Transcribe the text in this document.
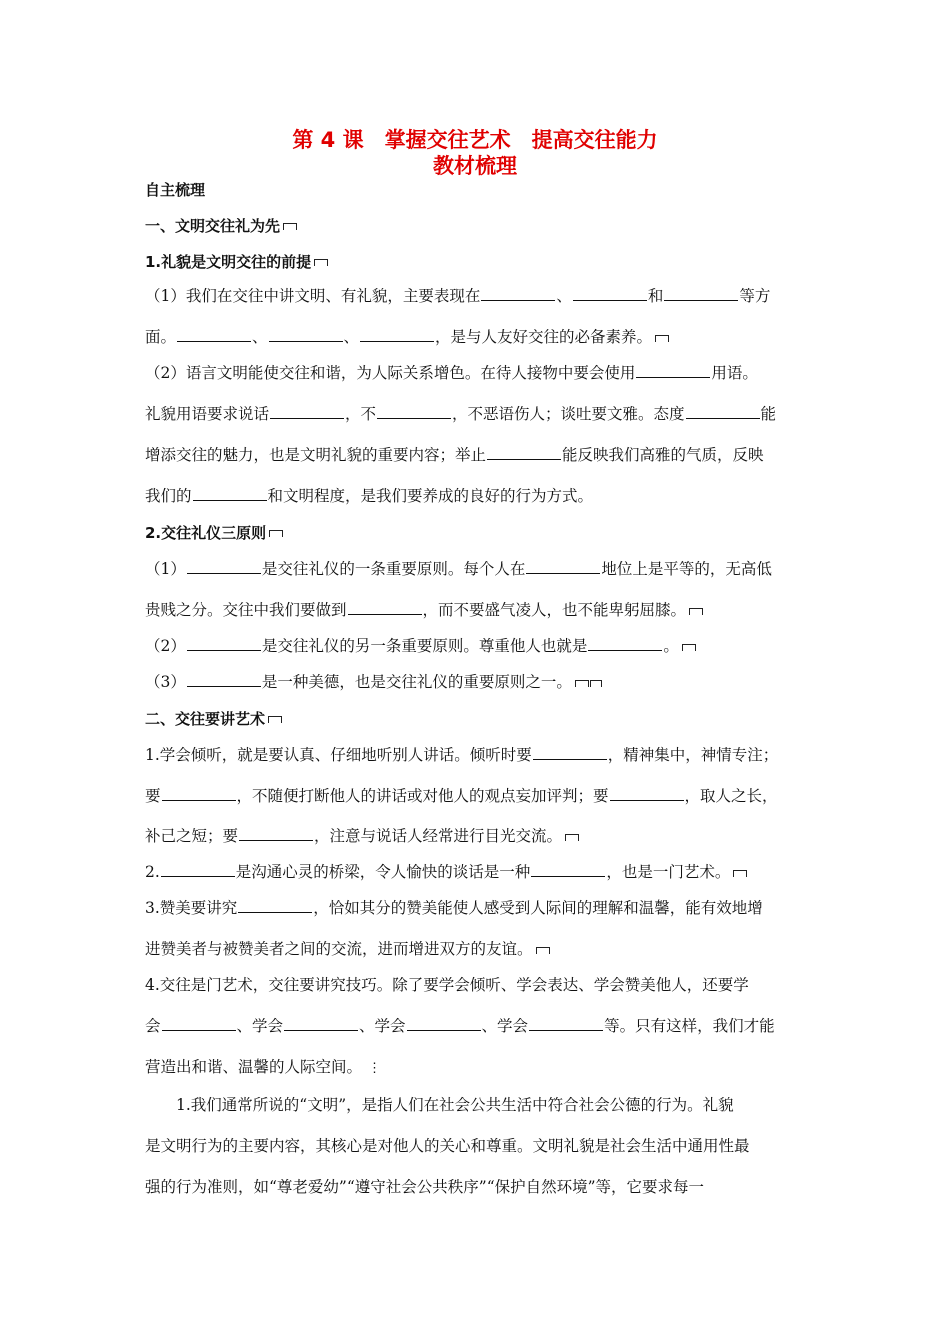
第 4 课　掌握交往艺术　提高交往能力
教材梳理
自主梳理
一、文明交往礼为先
1.礼貌是文明交往的前提
（1）我们在交往中讲文明、有礼貌，主要表现在	、	和	等方
面。	、	、	，是与人友好交往的必备素养。
（2）语言文明能使交往和谐，为人际关系增色。在待人接物中要会使用	用语。
礼貌用语要求说话	，不	，不恶语伤人；谈吐要文雅。态度	能
增添交往的魅力，也是文明礼貌的重要内容；举止	能反映我们高雅的气质，反映
我们的	和文明程度，是我们要养成的良好的行为方式。
2.交往礼仪三原则
（1）	是交往礼仪的一条重要原则。每个人在	地位上是平等的，无高低
贵贱之分。交往中我们要做到	，而不要盛气凌人，也不能卑躬屈膝。
（2）	是交往礼仪的另一条重要原则。尊重他人也就是	。
（3）	是一种美德，也是交往礼仪的重要原则之一。
二、交往要讲艺术
1.学会倾听，就是要认真、仔细地听别人讲话。倾听时要	，精神集中，神情专注；
要	，不随便打断他人的讲话或对他人的观点妄加评判；要	，取人之长，
补己之短；要	，注意与说话人经常进行目光交流。
2.	是沟通心灵的桥梁，令人愉快的谈话是一种	，也是一门艺术。
3.赞美要讲究	，恰如其分的赞美能使人感受到人际间的理解和温馨，能有效地增
进赞美者与被赞美者之间的交流，进而增进双方的友谊。
4.交往是门艺术，交往要讲究技巧。除了要学会倾听、学会表达、学会赞美他人，还要学
会	、学会	、学会	、学会	等。只有这样，我们才能
营造出和谐、温馨的人际空间。 ⋮
　　1.我们通常所说的“文明”，是指人们在社会公共生活中符合社会公德的行为。礼貌
是文明行为的主要内容，其核心是对他人的关心和尊重。文明礼貌是社会生活中通用性最
强的行为准则，如“尊老爱幼”“遵守社会公共秩序”“保护自然环境”等，它要求每一
